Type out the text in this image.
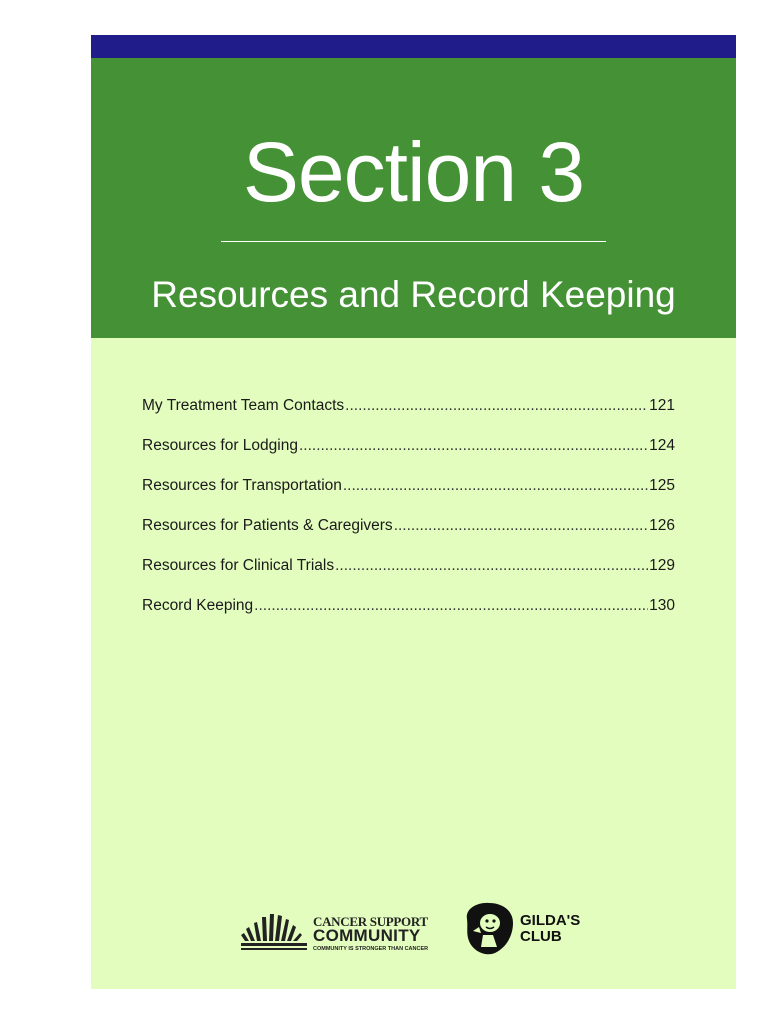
Section 3
Resources and Record Keeping
My Treatment Team Contacts .....	121
Resources for Lodging .....	124
Resources for Transportation .....	125
Resources for Patients & Caregivers .....	126
Resources for Clinical Trials .....	129
Record Keeping .....	130
CANCER SUPPORT
COMMUNITY
COMMUNITY IS STRONGER THAN CANCER
GILDA'S
CLUB
